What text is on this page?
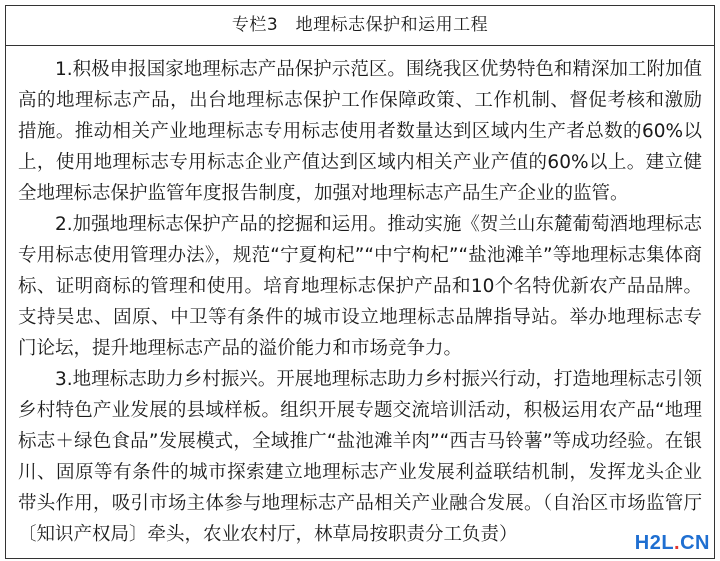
专栏3　地理标志保护和运用工程

1.积极申报国家地理标志产品保护示范区。围绕我区优势特色和精深加工附加值高的地理标志产品，出台地理标志保护工作保障政策、工作机制、督促考核和激励措施。推动相关产业地理标志专用标志使用者数量达到区域内生产者总数的60%以上，使用地理标志专用标志企业产值达到区域内相关产业产值的60%以上。建立健全地理标志保护监管年度报告制度，加强对地理标志产品生产企业的监管。

2.加强地理标志保护产品的挖掘和运用。推动实施《贺兰山东麓葡萄酒地理标志专用标志使用管理办法》，规范“宁夏枸杞”“中宁枸杞”“盐池滩羊”等地理标志集体商标、证明商标的管理和使用。培育地理标志保护产品和10个名特优新农产品品牌。支持吴忠、固原、中卫等有条件的城市设立地理标志品牌指导站。举办地理标志专门论坛，提升地理标志产品的溢价能力和市场竞争力。

3.地理标志助力乡村振兴。开展地理标志助力乡村振兴行动，打造地理标志引领乡村特色产业发展的县域样板。组织开展专题交流培训活动，积极运用农产品“地理标志＋绿色食品”发展模式，全域推广“盐池滩羊肉”“西吉马铃薯”等成功经验。在银川、固原等有条件的城市探索建立地理标志产业发展利益联结机制，发挥龙头企业带头作用，吸引市场主体参与地理标志产品相关产业融合发展。（自治区市场监管厅〔知识产权局〕牵头，农业农村厅，林草局按职责分工负责）	H2L.CN
